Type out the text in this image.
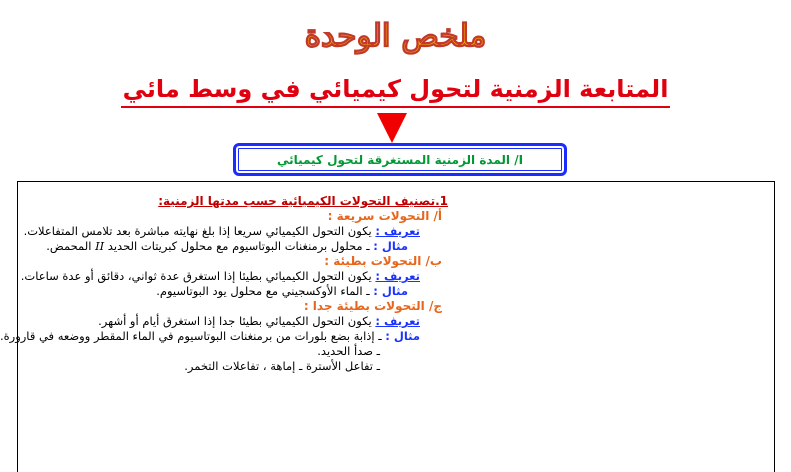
ملخص الوحدة
المتابعة الزمنية لتحول كيميائي في وسط مائي
I/ المدة الزمنية المستغرقة لتحول كيميائي
1.تصنيف التحولات الكيميائية حسب مدتها الزمنية:
أ/ التحولات سريعة :
تعريف : يكون التحول الكيميائي سريعا إذا بلغ نهايته مباشرة بعد تلامس المتفاعلات.
مثال : ـ محلول برمنغنات البوتاسيوم مع محلول كبريتات الحديد II المحمض.
ب/ التحولات بطيئة :
تعريف : يكون التحول الكيميائي بطيئا إذا استغرق عدة ثواني، دقائق أو عدة ساعات.
مثال : ـ الماء الأوكسجيني مع محلول يود البوتاسيوم.
ج/ التحولات بطيئة جدا :
تعريف : يكون التحول الكيميائي بطيئا جدا إذا استغرق أيام أو أشهر.
مثال : ـ إذابة بضع بلورات من برمنغنات البوتاسيوم في الماء المقطر ووضعه في قارورة.
ـ صدأ الحديد.
ـ تفاعل الأسترة ـ إماهة ، تفاعلات التخمر.
